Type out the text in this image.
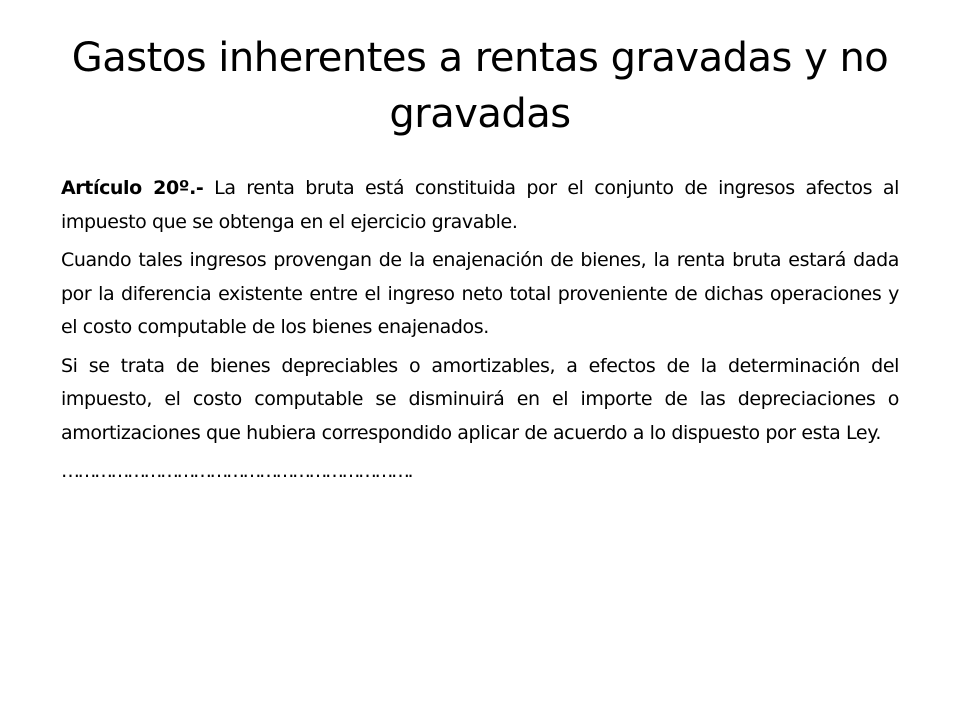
Gastos inherentes a rentas gravadas y no gravadas

Artículo 20º.- La renta bruta está constituida por el conjunto de ingresos afectos al impuesto que se obtenga en el ejercicio gravable.

Cuando tales ingresos provengan de la enajenación de bienes, la renta bruta estará dada por la diferencia existente entre el ingreso neto total proveniente de dichas operaciones y el costo computable de los bienes enajenados.

Si se trata de bienes depreciables o amortizables, a efectos de la determinación del impuesto, el costo computable se disminuirá en el importe de las depreciaciones o amortizaciones que hubiera correspondido aplicar de acuerdo a lo dispuesto por esta Ley.

……………………………………………………….
